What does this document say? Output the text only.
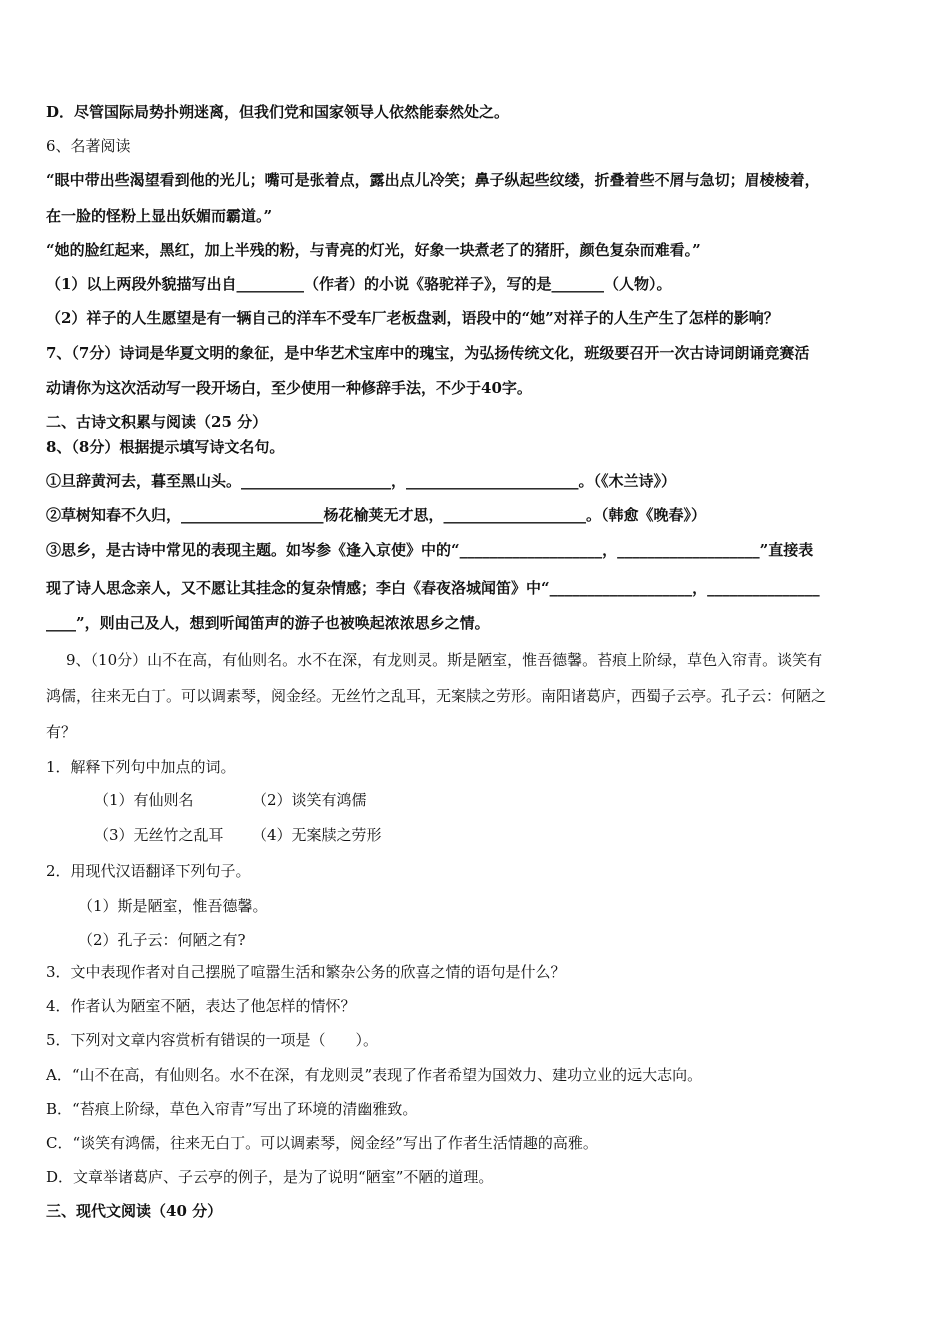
D．尽管国际局势扑朔迷离，但我们党和国家领导人依然能泰然处之。
6、名著阅读
“眼中带出些渴望看到他的光儿；嘴可是张着点，露出点儿冷笑；鼻子纵起些纹缕，折叠着些不屑与急切；眉棱棱着，
在一脸的怪粉上显出妖媚而霸道。”
“她的脸红起来，黑红，加上半残的粉，与青亮的灯光，好象一块煮老了的猪肝，颜色复杂而难看。”
（1）以上两段外貌描写出自_________（作者）的小说《骆驼祥子》，写的是_______（人物）。
（2）祥子的人生愿望是有一辆自己的洋车不受车厂老板盘剥，语段中的“她”对祥子的人生产生了怎样的影响？
7、（7分）诗词是华夏文明的象征，是中华艺术宝库中的瑰宝，为弘扬传统文化，班级要召开一次古诗词朗诵竞赛活
动请你为这次活动写一段开场白，至少使用一种修辞手法，不少于40字。
二、古诗文积累与阅读（25 分）
8、（8分）根据提示填写诗文名句。
①旦辞黄河去，暮至黑山头。____________________，_______________________。（《木兰诗》）
②草树知春不久归，___________________杨花榆荚无才思，___________________。（韩愈《晚春》）
③思乡，是古诗中常见的表现主题。如岑参《逢入京使》中的“___________________，___________________”直接表
现了诗人思念亲人，又不愿让其挂念的复杂情感；李白《春夜洛城闻笛》中“___________________，_______________
____”，则由己及人，想到听闻笛声的游子也被唤起浓浓思乡之情。
9、（10分）山不在高，有仙则名。水不在深，有龙则灵。斯是陋室，惟吾德馨。苔痕上阶绿，草色入帘青。谈笑有
鸿儒，往来无白丁。可以调素琴，阅金经。无丝竹之乱耳，无案牍之劳形。南阳诸葛庐，西蜀子云亭。孔子云：何陋之
有？
1．解释下列句中加点的词。
（1）有仙则名	（2）谈笑有鸿儒
（3）无丝竹之乱耳 （4）无案牍之劳形
2．用现代汉语翻译下列句子。
（1）斯是陋室，惟吾德馨。
（2）孔子云：何陋之有?
3．文中表现作者对自己摆脱了喧嚣生活和繁杂公务的欣喜之情的语句是什么？
4．作者认为陋室不陋，表达了他怎样的情怀？
5．下列对文章内容赏析有错误的一项是（　　）。
A．“山不在高，有仙则名。水不在深，有龙则灵”表现了作者希望为国效力、建功立业的远大志向。
B．“苔痕上阶绿，草色入帘青”写出了环境的清幽雅致。
C．“谈笑有鸿儒，往来无白丁。可以调素琴，阅金经”写出了作者生活情趣的高雅。
D．文章举诸葛庐、子云亭的例子，是为了说明“陋室”不陋的道理。
三、现代文阅读（40 分）
